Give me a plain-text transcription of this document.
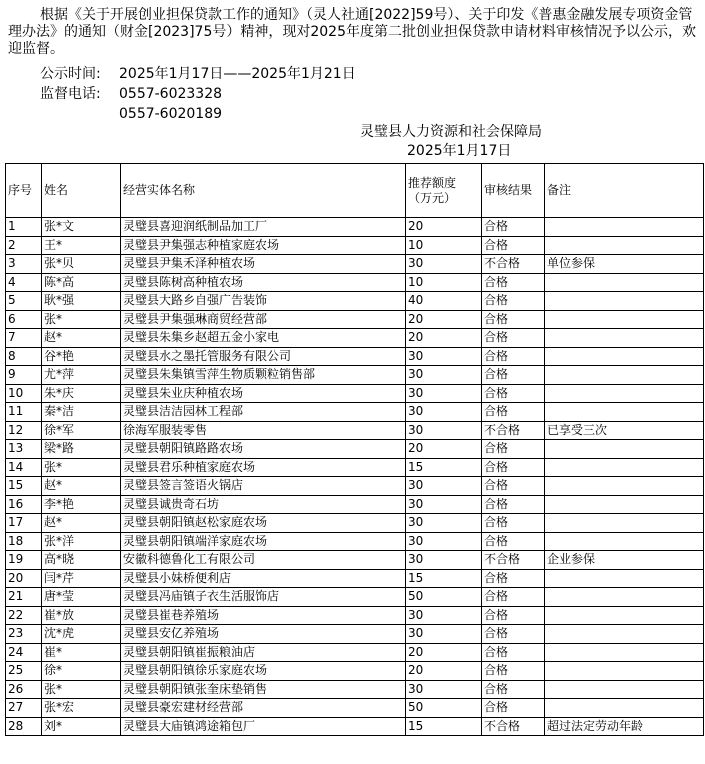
根据《关于开展创业担保贷款工作的通知》（灵人社通[2022]59号）、关于印发《普惠金融发展专项资金管理办法》的通知（财金[2023]75号）精神，现对2025年度第二批创业担保贷款申请材料审核情况予以公示，欢迎监督。
公示时间: 2025年1月17日——2025年1月21日
监督电话: 0557-6023328
0557-6020189
灵璧县人力资源和社会保障局
2025年1月17日
序号	姓名	经营实体名称	推荐额度（万元）	审核结果	备注
1	张*文	灵璧县喜迎润纸制品加工厂	20	合格	
2	王*	灵璧县尹集强志种植家庭农场	10	合格	
3	张*贝	灵璧县尹集禾泽种植农场	30	不合格	单位参保
4	陈*高	灵璧县陈树高种植农场	10	合格	
5	耿*强	灵璧县大路乡自强广告装饰	40	合格	
6	张*	灵璧县尹集强琳商贸经营部	20	合格	
7	赵*	灵璧县朱集乡赵超五金小家电	20	合格	
8	谷*艳	灵璧县水之墨托管服务有限公司	30	合格	
9	尤*萍	灵璧县朱集镇雪萍生物质颗粒销售部	30	合格	
10	朱*庆	灵璧县朱业庆种植农场	30	合格	
11	秦*洁	灵璧县洁洁园林工程部	30	合格	
12	徐*军	徐海军服装零售	30	不合格	已享受三次
13	梁*路	灵璧县朝阳镇路路农场	20	合格	
14	张*	灵璧县君乐种植家庭农场	15	合格	
15	赵*	灵璧县签言签语火锅店	30	合格	
16	李*艳	灵璧县诚贵奇石坊	30	合格	
17	赵*	灵璧县朝阳镇赵松家庭农场	30	合格	
18	张*洋	灵璧县朝阳镇端洋家庭农场	30	合格	
19	高*晓	安徽科德鲁化工有限公司	30	不合格	企业参保
20	闫*芹	灵璧县小妹桥便利店	15	合格	
21	唐*莹	灵璧县冯庙镇子衣生活服饰店	50	合格	
22	崔*放	灵璧县崔巷养殖场	30	合格	
23	沈*虎	灵璧县安亿养殖场	30	合格	
24	崔*	灵璧县朝阳镇崔振粮油店	20	合格	
25	徐*	灵璧县朝阳镇徐乐家庭农场	20	合格	
26	张*	灵璧县朝阳镇张奎床垫销售	30	合格	
27	张*宏	灵璧县豪宏建材经营部	50	合格	
28	刘*	灵璧县大庙镇鸿途箱包厂	15	不合格	超过法定劳动年龄
